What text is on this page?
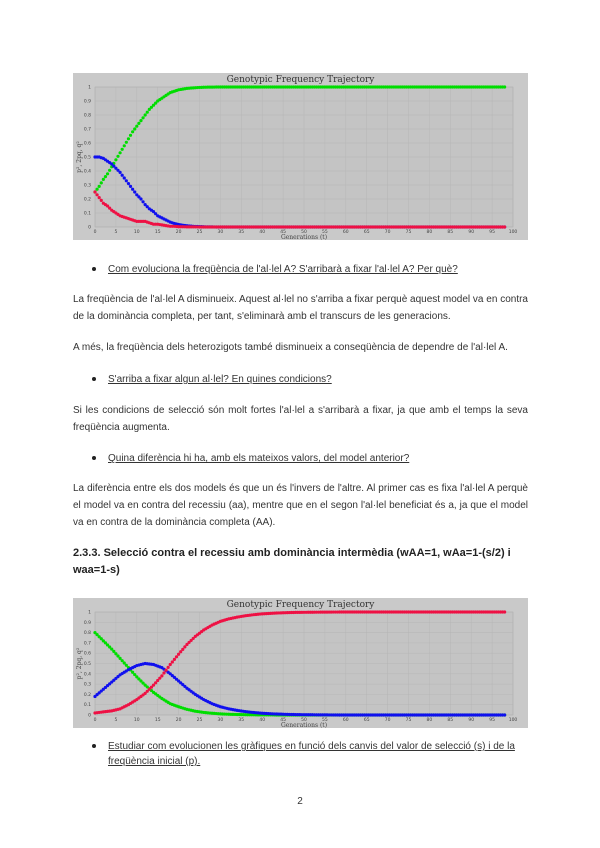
Genotypic Frequency Trajectory
0	5	10	15	20	25	30	35	40	45	50	55	60	65	70	75	80	85	90	95	100
0
0.1
0.2
0.3
0.4
0.5
0.6
0.7
0.8
0.9
1
Generations (t)
p², 2pq, q²
Com evoluciona la freqüència de l'al·lel A? S'arribarà a fixar l'al·lel A? Per què?
La freqüència de l'al·lel A disminueix. Aquest al·lel no s'arriba a fixar perquè aquest model va en contra de la dominància completa, per tant, s'eliminarà amb el transcurs de les generacions.
A més, la freqüència dels heterozigots també disminueix a conseqüència de dependre de l'al·lel A.
S'arriba a fixar algun al·lel? En quines condicions?
Si les condicions de selecció són molt fortes l'al·lel a s'arribarà a fixar, ja que amb el temps la seva freqüència augmenta.
Quina diferència hi ha, amb els mateixos valors, del model anterior?
La diferència entre els dos models és que un és l'invers de l'altre. Al primer cas es fixa l'al·lel A perquè el model va en contra del recessiu (aa), mentre que en el segon l'al·lel beneficiat és a, ja que el model va en contra de la dominància completa (AA).
2.3.3. Selecció contra el recessiu amb dominància intermèdia (wAA=1, wAa=1-(s/2) i waa=1-s)
Genotypic Frequency Trajectory
0	5	10	15	20	25	30	35	40	45	50	55	60	65	70	75	80	85	90	95	100
0
0.1
0.2
0.3
0.4
0.5
0.6
0.7
0.8
0.9
1
Generations (t)
p², 2pq, q²
Estudiar com evolucionen les gràfiques en funció dels canvis del valor de selecció (s) i de la freqüència inicial (p).
2
